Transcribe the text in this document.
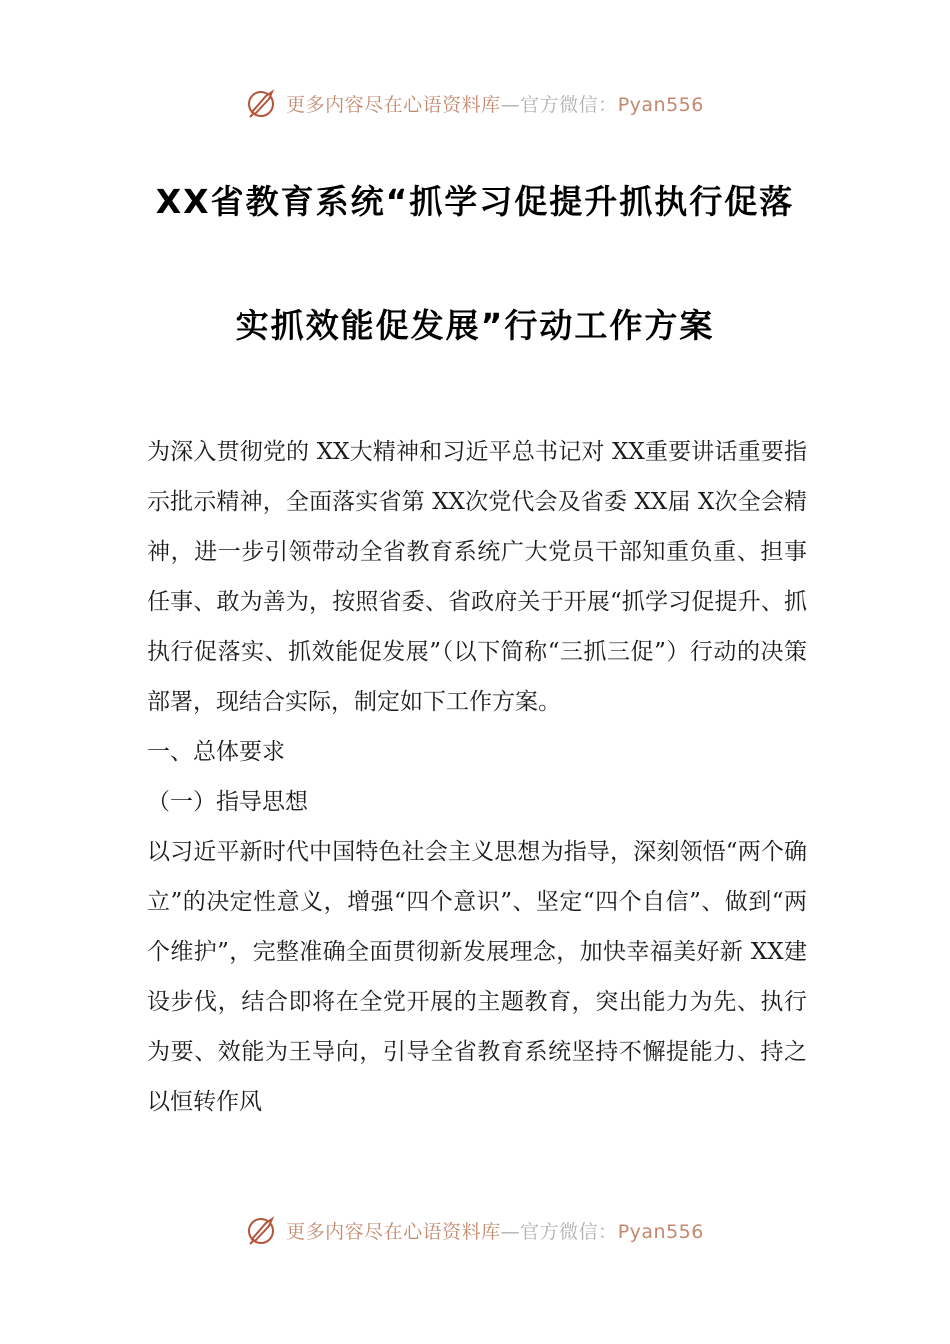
更多内容尽在心语资料库—官方微信：Pyan556
XX省教育系统“抓学习促提升抓执行促落
实抓效能促发展”行动工作方案

为深入贯彻党的 XX大精神和习近平总书记对 XX重要讲话重要指示批示精神，全面落实省第 XX次党代会及省委 XX届 X次全会精神，进一步引领带动全省教育系统广大党员干部知重负重、担事任事、敢为善为，按照省委、省政府关于开展“抓学习促提升、抓执行促落实、抓效能促发展”（以下简称“三抓三促”）行动的决策部署，现结合实际，制定如下工作方案。

一、总体要求

（一）指导思想

以习近平新时代中国特色社会主义思想为指导，深刻领悟“两个确立”的决定性意义，增强“四个意识”、坚定“四个自信”、做到“两个维护”，完整准确全面贯彻新发展理念，加快幸福美好新 XX建设步伐，结合即将在全党开展的主题教育，突出能力为先、执行为要、效能为王导向，引导全省教育系统坚持不懈提能力、持之以恒转作风

更多内容尽在心语资料库—官方微信：Pyan556
